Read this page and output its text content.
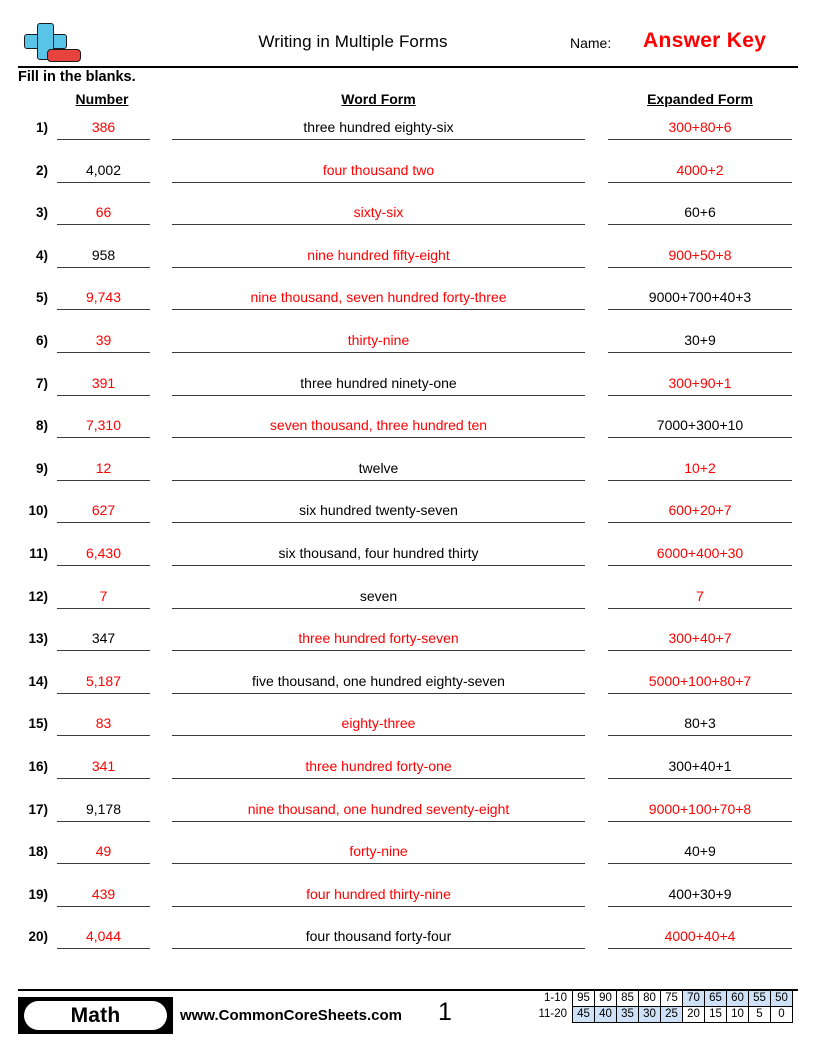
Writing in Multiple Forms	Name: Answer Key
Fill in the blanks.
Number	Word Form	Expanded Form
1)	386	three hundred eighty-six	300+80+6
2)	4,002	four thousand two	4000+2
3)	66	sixty-six	60+6
4)	958	nine hundred fifty-eight	900+50+8
5)	9,743	nine thousand, seven hundred forty-three	9000+700+40+3
6)	39	thirty-nine	30+9
7)	391	three hundred ninety-one	300+90+1
8)	7,310	seven thousand, three hundred ten	7000+300+10
9)	12	twelve	10+2
10)	627	six hundred twenty-seven	600+20+7
11)	6,430	six thousand, four hundred thirty	6000+400+30
12)	7	seven	7
13)	347	three hundred forty-seven	300+40+7
14)	5,187	five thousand, one hundred eighty-seven	5000+100+80+7
15)	83	eighty-three	80+3
16)	341	three hundred forty-one	300+40+1
17)	9,178	nine thousand, one hundred seventy-eight	9000+100+70+8
18)	49	forty-nine	40+9
19)	439	four hundred thirty-nine	400+30+9
20)	4,044	four thousand forty-four	4000+40+4
Math	www.CommonCoreSheets.com	1	1-10	95	90	85	80	75	70	65	60	55	50
11-20	45	40	35	30	25	20	15	10	5	0
